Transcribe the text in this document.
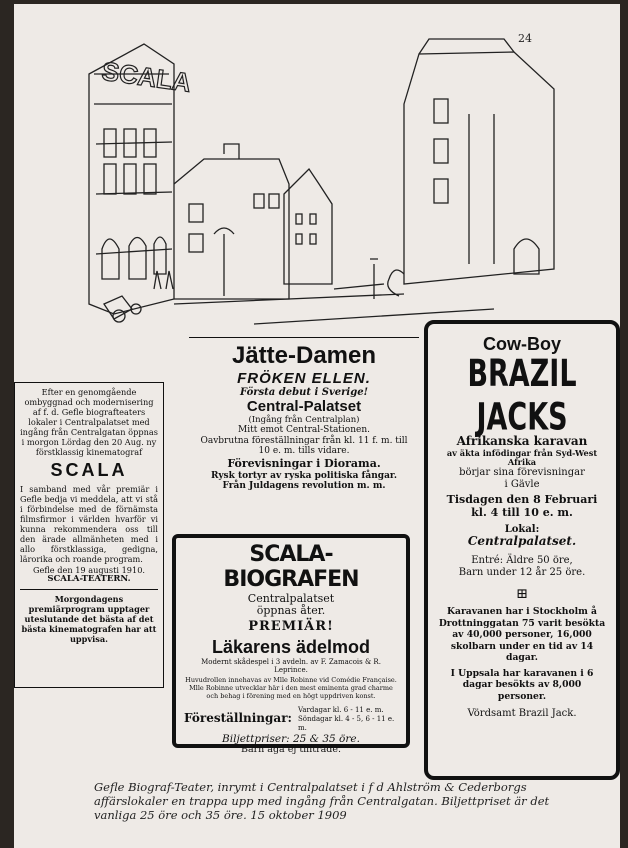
24
SCALA
Jätte-Damen
FRÖKEN ELLEN.
Första debut i Sverige!
Central-Palatset
(Ingång från Centralplan)
Mitt emot Central-Stationen.
Oavbrutna föreställningar från kl. 11 f. m. till 10 e. m. tills vidare.
Förevisningar i Diorama.
Rysk tortyr av ryska politiska fångar.
Från Juldagens revolution m. m.
Efter en genomgående ombyggnad och modernisering af f. d. Gefle biografteaters lokaler i Centralpalatset med ingång från Centralgatan öppnas i morgon Lördag den 20 Aug. ny förstklassig kinematograf
SCALA
I samband med vår premiär i Gefle bedja vi meddela, att vi stå i förbindelse med de förnämsta filmsfirmor i världen hvarför vi kunna rekommendera oss till den ärade allmänheten med i allo förstklassiga, gedigna, lärorika och roande program.
Gefle den 19 augusti 1910.
SCALA-TEATERN.
Morgondagens premiärprogram upptager uteslutande det bästa af det bästa kinematografen har att uppvisa.
SCALA-BIOGRAFEN
Centralpalatset
öppnas åter.
PREMIÄR!
Läkarens ädelmod
Modernt skådespel i 3 avdeln. av F. Zamacois & R. Leprince.
Huvudrollen innehavas av Mlle Robinne vid Comédie Française. Mlle Robinne utvecklar här i den mest eminenta grad charme och behag i förening med en högt uppdriven konst.
Föreställningar:
Vardagar kl. 6 - 11 e. m.
Söndagar kl. 4 - 5, 6 - 11 e. m.
Biljettpriser: 25 & 35 öre.
Barn äga ej tillträde.
Cow-Boy
BRAZIL JACKS
Afrikanska karavan
av äkta infödingar från Syd-West Afrika
börjar sina förevisningar
i Gävle
Tisdagen den 8 Februari
kl. 4 till 10 e. m.
Lokal:
Centralpalatset.
Entré: Äldre 50 öre,
Barn under 12 år 25 öre.
⊞
Karavanen har i Stockholm å Drottninggatan 75 varit besökta av 40,000 personer, 16,000 skolbarn under en tid av 14 dagar.
I Uppsala har karavanen i 6 dagar besökts av 8,000 personer.
Vördsamt Brazil Jack.
Gefle Biograf-Teater, inrymt i Centralpalatset i f d Ahlström & Cederborgs affärslokaler en trappa upp med ingång från Centralgatan. Biljettpriset är det vanliga 25 öre och 35 öre. 15 oktober 1909
